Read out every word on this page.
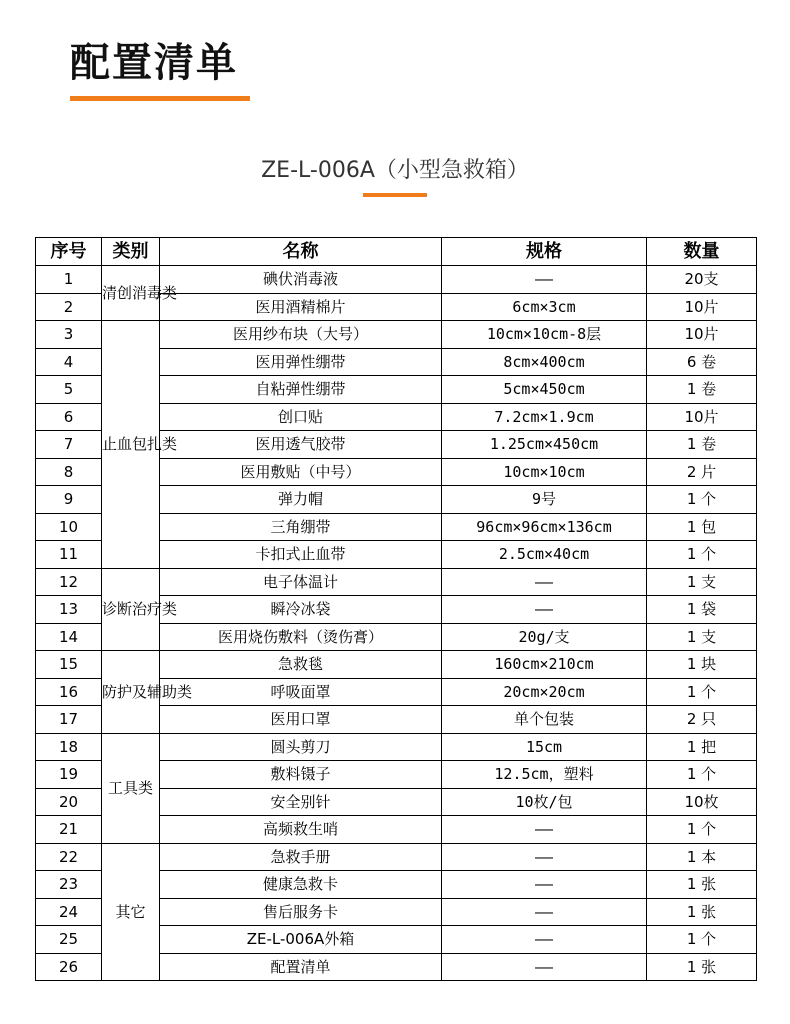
配置清单
ZE-L-006A（小型急救箱）
序号	类别	名称	规格	数量
1	清创消毒类	碘伏消毒液	——	20支
2		医用酒精棉片	6cm×3cm	10片
3	止血包扎类	医用纱布块（大号）	10cm×10cm-8层	10片
4		医用弹性绷带	8cm×400cm	6 卷
5		自粘弹性绷带	5cm×450cm	1 卷
6		创口贴	7.2cm×1.9cm	10片
7		医用透气胶带	1.25cm×450cm	1 卷
8		医用敷贴（中号）	10cm×10cm	2 片
9		弹力帽	9号	1 个
10		三角绷带	96cm×96cm×136cm	1 包
11		卡扣式止血带	2.5cm×40cm	1 个
12	诊断治疗类	电子体温计	——	1 支
13		瞬冷冰袋	——	1 袋
14		医用烧伤敷料（烫伤膏）	20g/支	1 支
15	防护及辅助类	急救毯	160cm×210cm	1 块
16		呼吸面罩	20cm×20cm	1 个
17		医用口罩	单个包装	2 只
18	工具类	圆头剪刀	15cm	1 把
19		敷料镊子	12.5cm，塑料	1 个
20		安全别针	10枚/包	10枚
21		高频救生哨	——	1 个
22	其它	急救手册	——	1 本
23		健康急救卡	——	1 张
24		售后服务卡	——	1 张
25		ZE-L-006A外箱	——	1 个
26		配置清单	——	1 张
